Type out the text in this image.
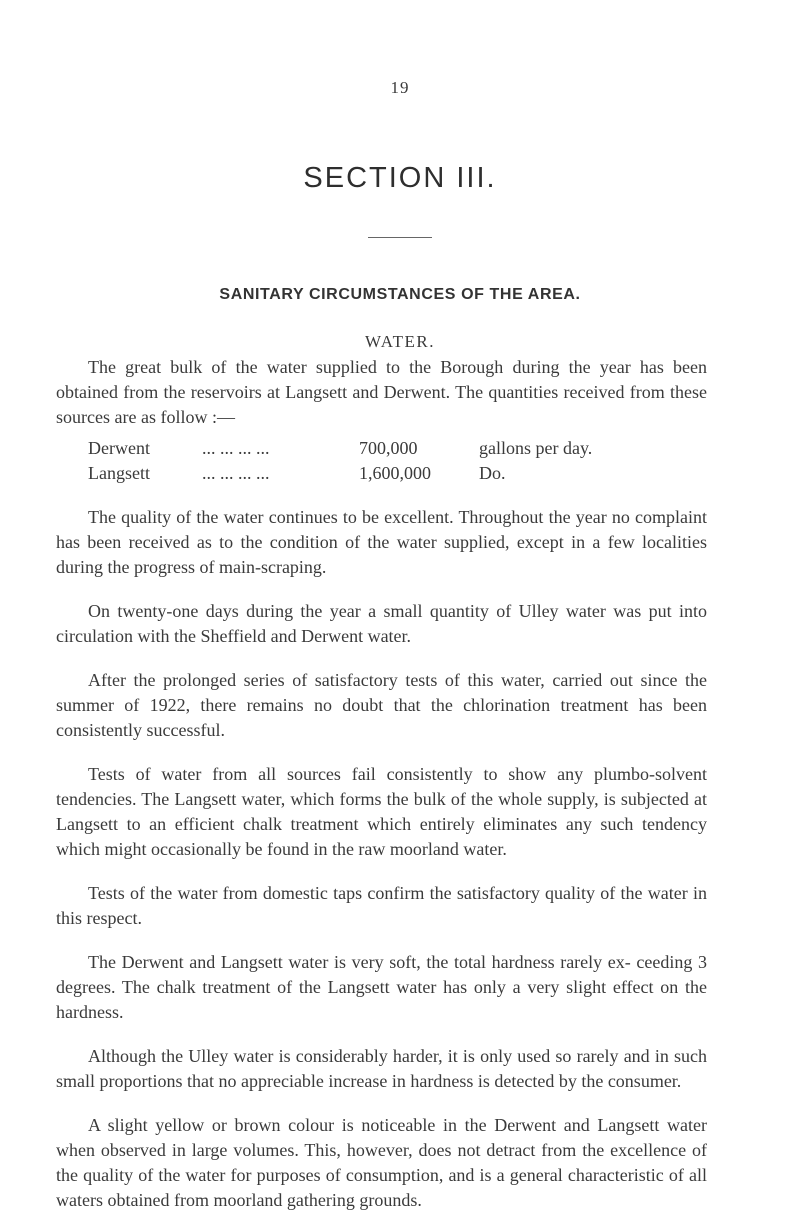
19
SECTION III.
SANITARY CIRCUMSTANCES OF THE AREA.
WATER.

The great bulk of the water supplied to the Borough during the year has been obtained from the reservoirs at Langsett and Derwent. The quantities received from these sources are as follow :—

Derwent	... ... ... ...	700,000	gallons per day.
Langsett	... ... ... ...	1,600,000	Do.

The quality of the water continues to be excellent. Throughout the year no complaint has been received as to the condition of the water supplied, except in a few localities during the progress of main-scraping.

On twenty-one days during the year a small quantity of Ulley water was put into circulation with the Sheffield and Derwent water.

After the prolonged series of satisfactory tests of this water, carried out since the summer of 1922, there remains no doubt that the chlorination treatment has been consistently successful.

Tests of water from all sources fail consistently to show any plumbo-solvent tendencies. The Langsett water, which forms the bulk of the whole supply, is subjected at Langsett to an efficient chalk treatment which entirely eliminates any such tendency which might occasionally be found in the raw moorland water.

Tests of the water from domestic taps confirm the satisfactory quality of the water in this respect.

The Derwent and Langsett water is very soft, the total hardness rarely ex- ceeding 3 degrees. The chalk treatment of the Langsett water has only a very slight effect on the hardness.

Although the Ulley water is considerably harder, it is only used so rarely and in such small proportions that no appreciable increase in hardness is detected by the consumer.

A slight yellow or brown colour is noticeable in the Derwent and Langsett water when observed in large volumes. This, however, does not detract from the excellence of the quality of the water for purposes of consumption, and is a general characteristic of all waters obtained from moorland gathering grounds.
